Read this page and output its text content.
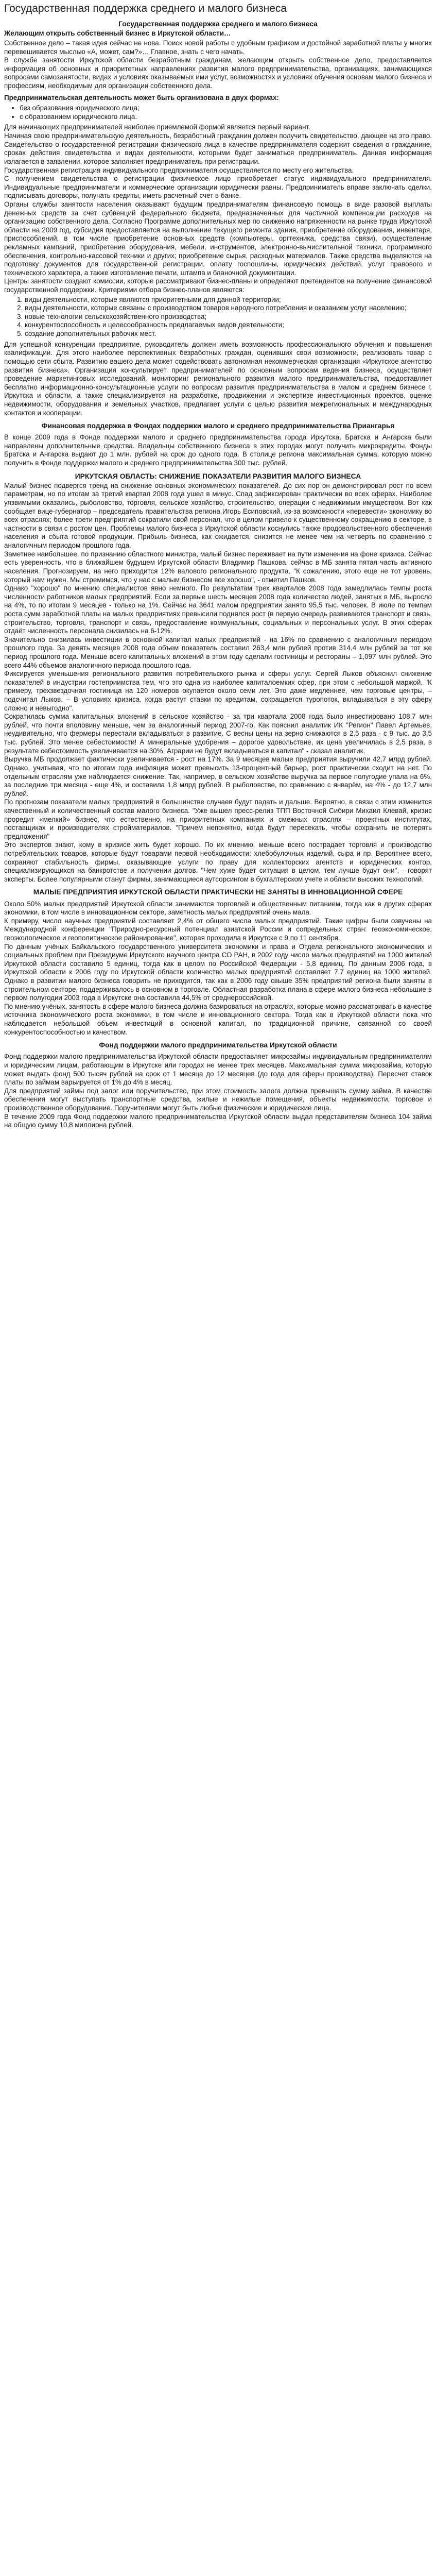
Государственная поддержка среднего и малого бизнеса
Государственная поддержка среднего и малого бизнеса
Желающим открыть собственный бизнес в Иркутской области…

Собственное дело – такая идея сейчас не нова. Поиск новой работы с удобным графиком и достойной заработной платы у многих перевешивается мыслью «А, может, сам?»… Главное, знать с чего начать.

В службе занятости Иркутской области безработным гражданам, желающим открыть собственное дело, предоставляется информация об основных и приоритетных направлениях развития малого предпринимательства, организациях, занимающихся вопросами самозанятости, видах и условиях оказываемых ими услуг, возможностях и условиях обучения основам малого бизнеса и профессиям, необходимым для организации собственного дела.

Предпринимательская деятельность может быть организована в двух формах:
• без образования юридического лица;
• с образованием юридического лица.

Для начинающих предпринимателей наиболее приемлемой формой является первый вариант.

Начиная свою предпринимательскую деятельность, безработный гражданин должен получить свидетельство, дающее на это право. Свидетельство о государственной регистрации физического лица в качестве предпринимателя содержит сведения о гражданине, сроках действия свидетельства и видах деятельности, которыми будет заниматься предприниматель. Данная информация излагается в заявлении, которое заполняет предприниматель при регистрации.

Государственная регистрация индивидуального предпринимателя осуществляется по месту его жительства.

С получением свидетельства о регистрации физическое лицо приобретает статус индивидуального предпринимателя. Индивидуальные предприниматели и коммерческие организации юридически равны. Предприниматель вправе заключать сделки, подписывать договоры, получать кредиты, иметь расчетный счет в банке.

Органы службы занятости населения оказывают будущим предпринимателям финансовую помощь в виде разовой выплаты денежных средств за счет субвенций федерального бюджета, предназначенных для частичной компенсации расходов на организацию собственного дела. Согласно Программе дополнительных мер по снижению напряженности на рынке труда Иркутской области на 2009 год, субсидия предоставляется на выполнение текущего ремонта здания, приобретение оборудования, инвентаря, приспособлений, в том числе приобретение основных средств (компьютеры, оргтехника, средства связи), осуществление рекламных кампаний, приобретение оборудования, мебели, инструментов, электронно-вычислительной техники, программного обеспечения, контрольно-кассовой техники и других; приобретение сырья, расходных материалов. Также средства выделяются на подготовку документов для государственной регистрации, оплату госпошлины, юридических действий, услуг правового и технического характера, а также изготовление печати, штампа и бланочной документации.

Центры занятости создают комиссии, которые рассматривают бизнес-планы и определяют претендентов на получение финансовой государственной поддержки. Критериями отбора бизнес-планов являются:

1. виды деятельности, которые являются приоритетными для данной территории;
2. виды деятельности, которые связаны с производством товаров народного потребления и оказанием услуг населению;
3. новые технологии сельскохозяйственного производства;
4. конкурентоспособность и целесообразность предлагаемых видов деятельности;
5. создание дополнительных рабочих мест.

Для успешной конкуренции предприятие, руководитель должен иметь возможность профессионального обучения и повышения квалификации. Для этого наиболее перспективных безработных граждан, оценивших свои возможности, реализовать товар с помощью сети сбыта. Развитию вашего дела может содействовать автономная некоммерческая организация «Иркутское агентство развития бизнеса». Организация консультирует предпринимателей по основным вопросам ведения бизнеса, осуществляет проведение маркетинговых исследований, мониторинг регионального развития малого предпринимательства, предоставляет бесплатно информационно-консультационные услуги по вопросам развития предпринимательства в малом и среднем бизнесе г. Иркутска и области, а также специализируется на разработке, продвижении и экспертизе инвестиционных проектов, оценке недвижимости, оборудования и земельных участков, предлагает услуги с целью развития межрегиональных и международных контактов и кооперации.

Финансовая поддержка в Фондах поддержки малого и среднего предпринимательства Приангарья

В конце 2009 года в Фонде поддержки малого и среднего предпринимательства города Иркутска, Братска и Ангарска были направлены дополнительные средства. Владельцы собственного бизнеса в этих городах могут получить микрокредиты. Фонды Братска и Ангарска выдают до 1 млн. рублей на срок до одного года. В столице региона максимальная сумма, которую можно получить в Фонде поддержки малого и среднего предпринимательства 300 тыс. рублей.

ИРКУТСКАЯ ОБЛАСТЬ: СНИЖЕНИЕ ПОКАЗАТЕЛИ РАЗВИТИЯ МАЛОГО БИЗНЕСА

Малый бизнес подвергся тренд на снижение основных экономических показателей. До сих пор он демонстрировал рост по всем параметрам, но по итогам за третий квартал 2008 года ушел в минус. Спад зафиксирован практически во всех сферах. Наиболее уязвимыми оказались, рыболовство, торговля, сельское хозяйство, строительство, операции с недвижимым имуществом. Вот как сообщает вице-губернатор – председатель правительства региона Игорь Есиповский, из-за возможности «перевести» экономику во всех отраслях; более трети предприятий сократили свой персонал, что в целом привело к существенному сокращению в секторе, в частности в связи с ростом цен. Проблемы малого бизнеса в Иркутской области коснулись также продовольственного обеспечения населения и сбыта готовой продукции. Прибыль бизнеса, как ожидается, снизится не менее чем на четверть по сравнению с аналогичным периодом прошлого года.

Заметнее наибольшее, по признанию областного министра, малый бизнес переживает на пути изменения на фоне кризиса. Сейчас есть уверенность, что в ближайшем будущем Иркутской области Владимир Пашкова, сейчас в МБ занята пятая часть активного населения. Прогнозируем, на него приходится 12% валового регионального продукта. "К сожалению, этого еще не тот уровень, который нам нужен. Мы стремимся, что у нас с малым бизнесом все хорошо", - отметил Пашков.

Однако "хорошо" по мнению специалистов явно немного. По результатам трех кварталов 2008 года замедлилась темпы роста численности работников малых предприятий. Если за первые шесть месяцев 2008 года количество людей, занятых в МБ, выросло на 4%, то по итогам 9 месяцев - только на 1%. Сейчас на 3641 малом предприятии занято 95,5 тыс. человек. В июле по темпам роста сумм заработной платы на малых предприятиях превысили поднялся рост (в первую очередь развиваются транспорт и связь, строительство, торговля, транспорт и связь, предоставление коммунальных, социальных и персональных услуг. В этих сферах отдаёт численность персонала снизилась на 6-12%.

Значительно снизилась инвестиции в основной капитал малых предприятий - на 16% по сравнению с аналогичным периодом прошлого года. За девять месяцев 2008 года объем показатель составил 263,4 млн рублей против 314,4 млн рублей за тот же период прошлого года. Меньше всего капитальных вложений в этом году сделали гостиницы и рестораны – 1,097 млн рублей. Это всего 44% объемов аналогичного периода прошлого года.

Фиксируется уменьшения регионального развития потребительского рынка и сферы услуг. Сергей Лыков объяснил снижение показателей в индустрии гостеприимства тем, что это одна из наиболее капиталоемких сфер, при этом с небольшой маржой. "К примеру, трехзвездочная гостиница на 120 номеров окупается около семи лет. Это даже медленнее, чем торговые центры, – подсчитал Лыков. – В условиях кризиса, когда растут ставки по кредитам, сокращается туропоток, вкладываться в эту сферу сложно и невыгодно".

Сократилась сумма капитальных вложений в сельское хозяйство - за три квартала 2008 года было инвестировано 108,7 млн рублей, что почти вполовину меньше, чем за аналогичный период 2007-го. Как пояснил аналитик ИК "Регион" Павел Артемьев, неудивительно, что фермеры перестали вкладываться в развитие. С весны цены на зерно снижаются в 2,5 раза - с 9 тыс. до 3,5 тыс. рублей. Это менее себестоимости! А минеральные удобрения – дорогое удовольствие, их цена увеличилась в 2,5 раза, в результате себестоимость увеличивается на 30%. Аграрии не будут вкладываться в капитал" - сказал аналитик.

Выручка МБ продолжает фактически увеличивается - рост на 17%. За 9 месяцев малые предприятия выручили 42,7 млрд рублей. Однако, учитывая, что по итогам года инфляция может превысить 13-процентный барьер, рост практически сходит на нет. По отдельным отраслям уже наблюдается снижение. Так, например, в сельском хозяйстве выручка за первое полугодие упала на 6%, за последние три месяца - еще 4%, и составила 1,8 млрд рублей. В рыболовстве, по сравнению с январём, на 4% - до 12,7 млн рублей.

По прогнозам показатели малых предприятий в большинстве случаев будут падать и дальше. Вероятно, в связи с этим изменится качественный и количественный состав малого бизнеса. "Уже вышел пресс-релиз ТПП Восточной Сибири Михаил Клевай, кризис проредит «мелкий» бизнес, что естественно, на приоритетных компаниях и смежных отраслях – проектных институтах, поставщиках и производителях стройматериалов. "Причем непонятно, когда будут пересекать, чтобы сохранить не потерять предложения"

Это экспертов знают, кому в кризисе жить будет хорошо. По их мнению, меньше всего пострадает торговля и производство потребительских товаров, которые будут товарами первой необходимости: хлебобулочных изделий, сыра и пр. Вероятнее всего, сохраняют стабильность фирмы, оказывающие услуги по праву для коллекторских агентств и юридических контор, специализирующихся на банкротстве и получении долгов. "Чем хуже будет ситуация в целом, тем лучше будут они", - говорят эксперты. Более популярными станут фирмы, занимающиеся аутсорсингом в бухгалтерском учете и области высоких технологий.

МАЛЫЕ ПРЕДПРИЯТИЯ ИРКУТСКОЙ ОБЛАСТИ ПРАКТИЧЕСКИ НЕ ЗАНЯТЫ В ИННОВАЦИОННОЙ СФЕРЕ

Около 50% малых предприятий Иркутской области занимаются торговлей и общественным питанием, тогда как в других сферах экономики, в том числе в инновационном секторе, заметность малых предприятий очень мала.

К примеру, число научных предприятий составляет 2,4% от общего числа малых предприятий. Такие цифры были озвучены на Международной конференции "Природно-ресурсный потенциал азиатской России и сопредельных стран: геоэкономическое, геоэкологическое и геополитическое районирование", которая проходила в Иркутске с 9 по 11 сентября.

По данным учёных Байкальского государственного университета экономики и права и Отдела регионального экономических и социальных проблем при Президиуме Иркутского научного центра СО РАН, в 2002 году число малых предприятий на 1000 жителей Иркутской области составило 5 единиц, тогда как в целом по Российской Федерации - 5,8 единиц. По данным 2006 года, в Иркутской области к 2006 году по Иркутской области количество малых предприятий составляет 7,7 единиц на 1000 жителей. Однако в развитии малого бизнеса говорить не приходится, так как в 2006 году свыше 35% предприятий региона были заняты в строительном секторе, поддерживалось в основном в торговле. Областная разработка плана в сфере малого бизнеса небольшие в первом полугодии 2003 года в Иркутске она составила 44,5% от среднероссийской.

По мнению учёных, занятость в сфере малого бизнеса должна базироваться на отраслях, которые можно рассматривать в качестве источника экономического роста экономики, в том числе и инновационного сектора. Тогда как в Иркутской области пока что наблюдается небольшой объем инвестиций в основной капитал, по традиционной причине, связанной со своей конкурентоспособностью и качеством.

Фонд поддержки малого предпринимательства Иркутской области

Фонд поддержки малого предпринимательства Иркутской области предоставляет микрозаймы индивидуальным предпринимателям и юридическим лицам, работающим в Иркутске или городах не менее трех месяцев. Максимальная сумма микрозайма, которую может выдать фонд 500 тысяч рублей на срок от 1 месяца до 12 месяцев (до года для сферы производства). Пересчет ставок платы по займам варьируется от 1% до 4% в месяц.

Для предприятий займы под залог или поручительство, при этом стоимость залога должна превышать сумму займа. В качестве обеспечения могут выступать транспортные средства, жилые и нежилые помещения, объекты недвижимости, торговое и производственное оборудование. Поручителями могут быть любые физические и юридические лица.

В течение 2009 года Фонд поддержки малого предпринимательства Иркутской области выдал представителям бизнеса 104 займа на общую сумму 10,8 миллиона рублей.
